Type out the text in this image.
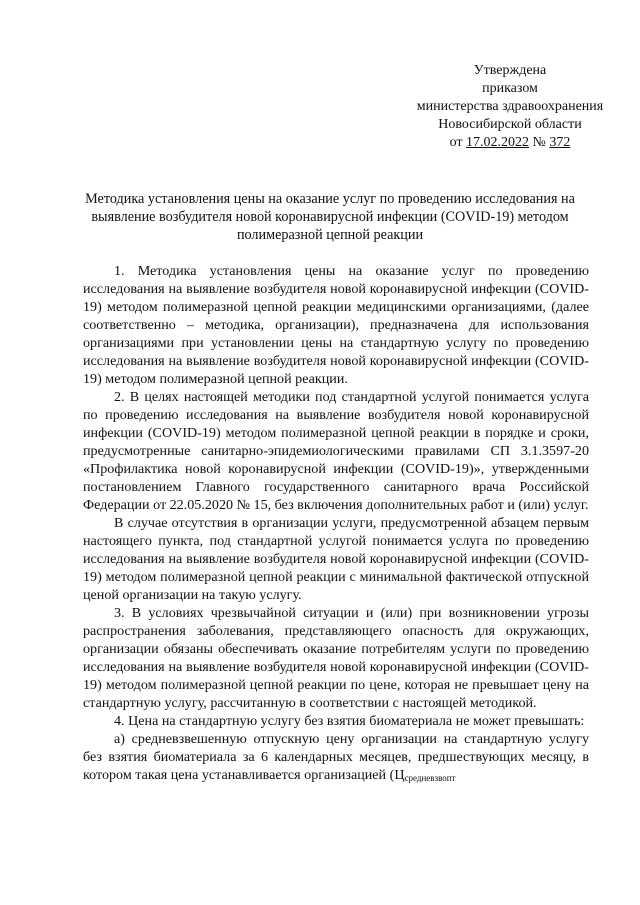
Утверждена
приказом
министерства здравоохранения
Новосибирской области
от 17.02.2022 № 372
Методика установления цены на оказание услуг по проведению исследования на выявление возбудителя новой коронавирусной инфекции (COVID-19) методом полимеразной цепной реакции

1. Методика установления цены на оказание услуг по проведению исследования на выявление возбудителя новой коронавирусной инфекции (COVID-19) методом полимеразной цепной реакции медицинскими организациями, (далее соответственно – методика, организации), предназначена для использования организациями при установлении цены на стандартную услугу по проведению исследования на выявление возбудителя новой коронавирусной инфекции (COVID-19) методом полимеразной цепной реакции.

2. В целях настоящей методики под стандартной услугой понимается услуга по проведению исследования на выявление возбудителя новой коронавирусной инфекции (COVID-19) методом полимеразной цепной реакции в порядке и сроки, предусмотренные санитарно-эпидемиологическими правилами СП 3.1.3597-20 «Профилактика новой коронавирусной инфекции (COVID-19)», утвержденными постановлением Главного государственного санитарного врача Российской Федерации от 22.05.2020 № 15, без включения дополнительных работ и (или) услуг.

В случае отсутствия в организации услуги, предусмотренной абзацем первым настоящего пункта, под стандартной услугой понимается услуга по проведению исследования на выявление возбудителя новой коронавирусной инфекции (COVID-19) методом полимеразной цепной реакции с минимальной фактической отпускной ценой организации на такую услугу.

3. В условиях чрезвычайной ситуации и (или) при возникновении угрозы распространения заболевания, представляющего опасность для окружающих, организации обязаны обеспечивать оказание потребителям услуги по проведению исследования на выявление возбудителя новой коронавирусной инфекции (COVID-19) методом полимеразной цепной реакции по цене, которая не превышает цену на стандартную услугу, рассчитанную в соответствии с настоящей методикой.

4. Цена на стандартную услугу без взятия биоматериала не может превышать:

а) средневзвешенную отпускную цену организации на стандартную услугу без взятия биоматериала за 6 календарных месяцев, предшествующих месяцу, в котором такая цена устанавливается организацией ($Ц_{средневзвопт}$
